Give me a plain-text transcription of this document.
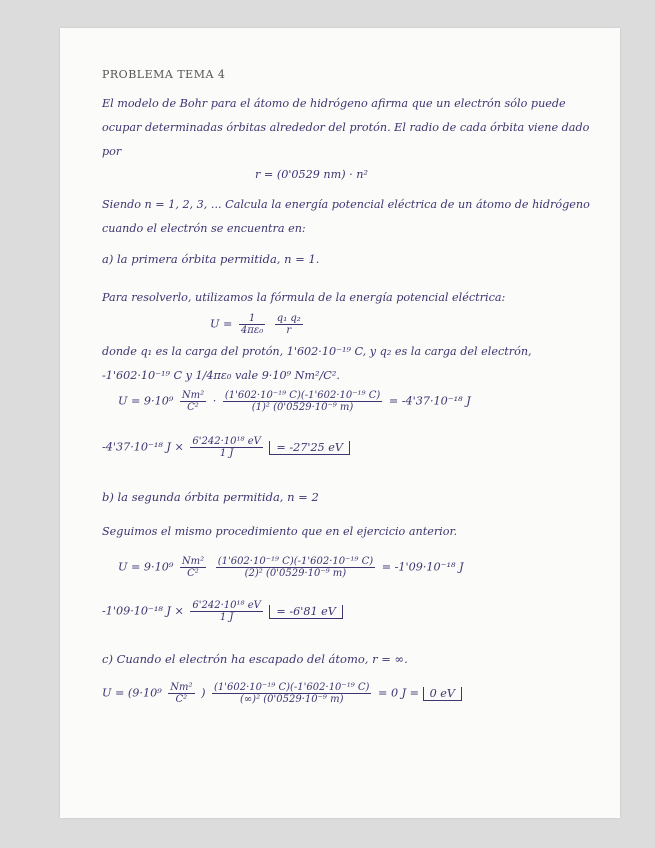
PROBLEMA TEMA 4
El modelo de Bohr para el átomo de hidrógeno afirma que un electrón sólo puede ocupar determinadas órbitas alrededor del protón. El radio de cada órbita viene dado por
r = (0'0529 nm) · n²
Siendo n = 1, 2, 3, ... Calcula la energía potencial eléctrica de un átomo de hidrógeno cuando el electrón se encuentra en:
a) la primera órbita permitida, n = 1.
Para resolverlo, utilizamos la fórmula de la energía potencial eléctrica:
$U = \frac{1}{\text{4πε₀}}$
$\frac{\text{q₁ q₂}}{r}$
donde q₁ es la carga del protón, 1'602·10⁻¹⁹ C, y q₂ es la carga del electrón, -1'602·10⁻¹⁹ C y 1/4πε₀ vale 9·10⁹ Nm²/C².
$U = 9\cdot 10^9 \frac{\text{Nm²}}{\text{C²}} \cdot \frac{\text{(1'602·10⁻¹⁹ C)(-1'602·10⁻¹⁹ C)}}{\text{(1)² (0'0529·10⁻⁹ m)}} = -4'37\cdot 10^{-18}$ J
-4'37·10⁻¹⁸ $J \times \frac{\text{6'242·10¹⁸ eV}}{1 J} = -27'25$ eV
b) la segunda órbita permitida, n = 2
Seguimos el mismo procedimiento que en el ejercicio anterior.
$U = 9\cdot 10^9 \frac{\text{Nm²}}{\text{C²}}$
$\frac{\text{(1'602·10⁻¹⁹ C)(-1'602·10⁻¹⁹ C)}}{\text{(2)² (0'0529·10⁻⁹ m)}} = -1'09\cdot 10^{-18}$ J
-1'09·10⁻¹⁸ $J \times \frac{\text{6'242·10¹⁸ eV}}{1 J} = -6'81$ eV
c) Cuando el electrón ha escapado del átomo, r = ∞.
$U = (9\cdot 10^9 \frac{\text{Nm²}}{\text{C²}}$ ) $\frac{\text{(1'602·10⁻¹⁹ C)(-1'602·10⁻¹⁹ C)}}{\text{(∞)² (0'0529·10⁻⁹ m)}} = 0$ J = 0 eV
